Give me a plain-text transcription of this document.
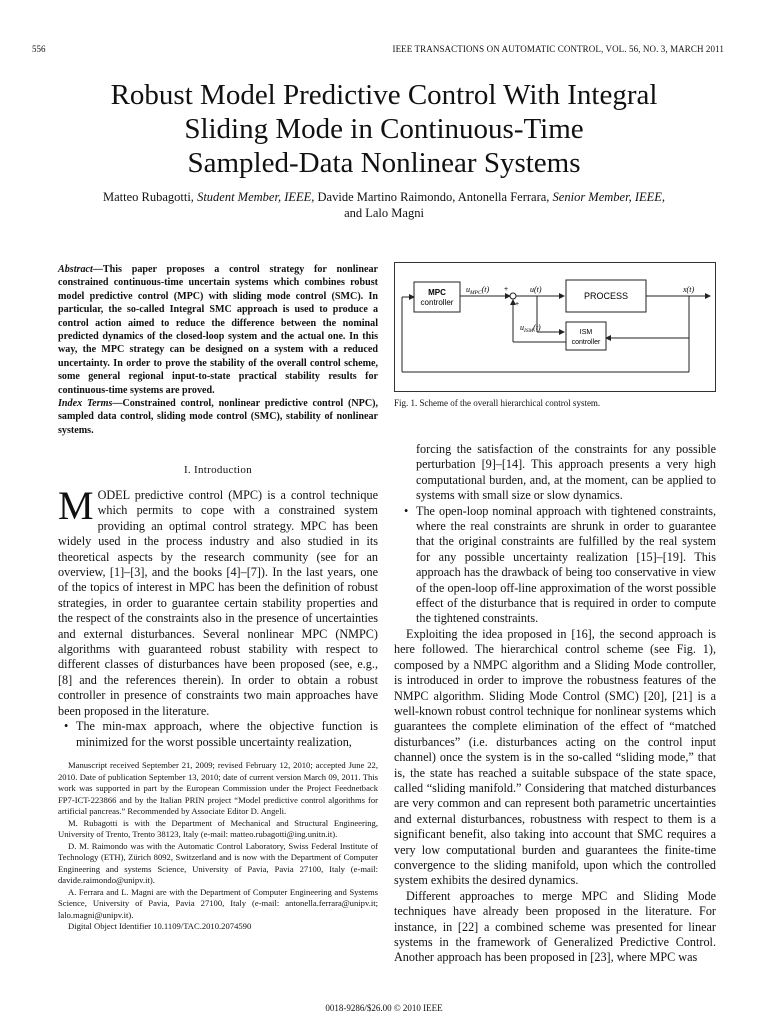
556	IEEE TRANSACTIONS ON AUTOMATIC CONTROL, VOL. 56, NO. 3, MARCH 2011
Robust Model Predictive Control With Integral
Sliding Mode in Continuous-Time
Sampled-Data Nonlinear Systems
Matteo Rubagotti, Student Member, IEEE, Davide Martino Raimondo, Antonella Ferrara, Senior Member, IEEE,
and Lalo Magni
Abstract—This paper proposes a control strategy for nonlinear constrained continuous-time uncertain systems which combines robust model predictive control (MPC) with sliding mode control (SMC). In particular, the so-called Integral SMC approach is used to produce a control action aimed to reduce the difference between the nominal predicted dynamics of the closed-loop system and the actual one. In this way, the MPC strategy can be designed on a system with a reduced uncertainty. In order to prove the stability of the overall control scheme, some general regional input-to-state practical stability results for continuous-time systems are proved.
Index Terms—Constrained control, nonlinear predictive control (NPC), sampled data control, sliding mode control (SMC), stability of nonlinear systems.
MPC
controller
$u_{MPC}(t)$ +
+
u(t)
PROCESS
x(t)
ISM
controller
$u_{ISM}(t)$
Fig. 1. Scheme of the overall hierarchical control system.
I. Introduction
MODEL predictive control (MPC) is a control technique which permits to cope with a constrained system providing an optimal control strategy. MPC has been widely used in the process industry and also studied in its theoretical aspects by the research community (see for an overview, [1]–[3], and the books [4]–[7]). In the last years, one of the topics of interest in MPC has been the definition of robust strategies, in order to guarantee certain stability properties and the respect of the constraints also in the presence of uncertainties and external disturbances. Several nonlinear MPC (NMPC) algorithms with guaranteed robust stability with respect to different classes of disturbances have been proposed (see, e.g., [8] and the references therein). In order to obtain a robust controller in presence of constraints two main approaches have been proposed in the literature.
• The min-max approach, where the objective function is minimized for the worst possible uncertainty realization,

Manuscript received September 21, 2009; revised February 12, 2010; accepted June 22, 2010. Date of publication September 13, 2010; date of current version March 09, 2011. This work was supported in part by the European Commission under the Project Feednetback FP7-ICT-223866 and by the Italian PRIN project “Model predictive control algorithms for artificial pancreas.” Recommended by Associate Editor D. Angeli.

M. Rubagotti is with the Department of Mechanical and Structural Engineering, University of Trento, Trento 38123, Italy (e-mail: matteo.rubagotti@ing.unitn.it).

D. M. Raimondo was with the Automatic Control Laboratory, Swiss Federal Institute of Technology (ETH), Zürich 8092, Switzerland and is now with the Department of Computer Engineering and systems Science, University of Pavia, Pavia 27100, Italy (e-mail: davide.raimondo@unipv.it).

A. Ferrara and L. Magni are with the Department of Computer Engineering and Systems Science, University of Pavia, Pavia 27100, Italy (e-mail: antonella.ferrara@unipv.it; lalo.magni@unipv.it).

Digital Object Identifier 10.1109/TAC.2010.2074590

forcing the satisfaction of the constraints for any possible perturbation [9]–[14]. This approach presents a very high computational burden, and, at the moment, can be applied to systems with small size or slow dynamics.

• The open-loop nominal approach with tightened constraints, where the real constraints are shrunk in order to guarantee that the original constraints are fulfilled by the real system for any possible uncertainty realization [15]–[19]. This approach has the drawback of being too conservative in view of the open-loop off-line approximation of the worst possible effect of the disturbance that is required in order to compute the tightened constraints.

Exploiting the idea proposed in [16], the second approach is here followed. The hierarchical control scheme (see Fig. 1), composed by a NMPC algorithm and a Sliding Mode controller, is introduced in order to improve the robustness features of the NMPC algorithm. Sliding Mode Control (SMC) [20], [21] is a well-known robust control technique for nonlinear systems which guarantees the complete elimination of the effect of “matched disturbances” (i.e. disturbances acting on the control input channel) once the system is in the so-called “sliding mode,” that is, the state has reached a suitable subspace of the state space, called “sliding manifold.” Considering that matched disturbances are very common and can represent both parametric uncertainties and external disturbances, robustness with respect to them is a significant benefit, also taking into account that SMC requires a very low computational burden and guarantees the finite-time convergence to the sliding manifold, upon which the controlled system exhibits the desired dynamics.

Different approaches to merge MPC and Sliding Mode techniques have already been proposed in the literature. For instance, in [22] a combined scheme was presented for linear systems in the framework of Generalized Predictive Control. Another approach has been proposed in [23], where MPC was

0018-9286/$26.00 © 2010 IEEE
